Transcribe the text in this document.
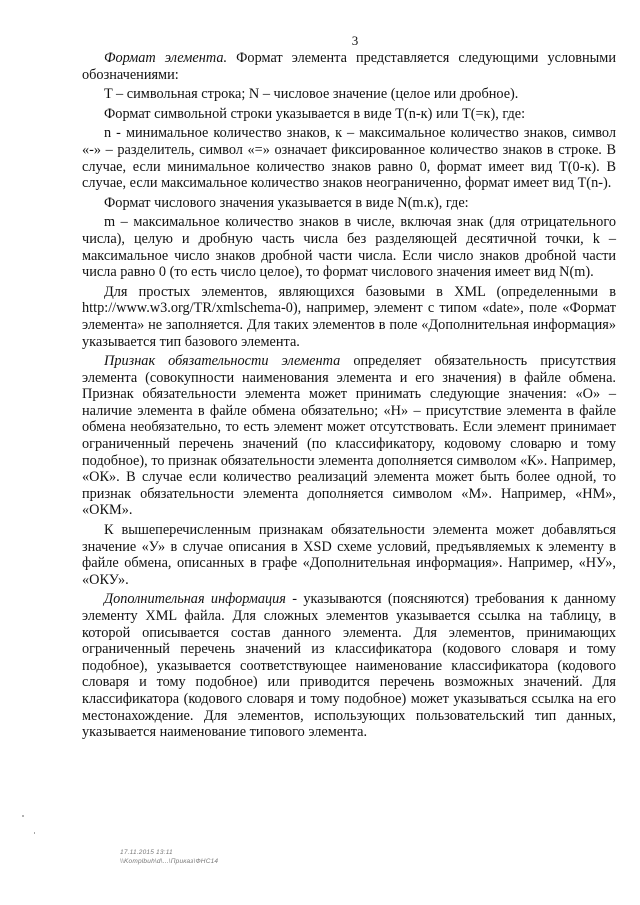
3

Формат элемента. Формат элемента представляется следующими условными обозначениями:

T – символьная строка; N – числовое значение (целое или дробное).

Формат символьной строки указывается в виде T(n-к) или T(=к), где:

n - минимальное количество знаков, к – максимальное количество знаков, символ «-» – разделитель, символ «=» означает фиксированное количество знаков в строке. В случае, если минимальное количество знаков равно 0, формат имеет вид T(0-к). В случае, если максимальное количество знаков неограниченно, формат имеет вид T(n-).

Формат числового значения указывается в виде N(m.к), где:

m – максимальное количество знаков в числе, включая знак (для отрицательного числа), целую и дробную часть числа без разделяющей десятичной точки, k – максимальное число знаков дробной части числа. Если число знаков дробной части числа равно 0 (то есть число целое), то формат числового значения имеет вид N(m).

Для простых элементов, являющихся базовыми в XML (определенными в http://www.w3.org/TR/xmlschema-0), например, элемент с типом «date», поле «Формат элемента» не заполняется. Для таких элементов в поле «Дополнительная информация» указывается тип базового элемента.

Признак обязательности элемента определяет обязательность присутствия элемента (совокупности наименования элемента и его значения) в файле обмена. Признак обязательности элемента может принимать следующие значения: «О» – наличие элемента в файле обмена обязательно; «Н» – присутствие элемента в файле обмена необязательно, то есть элемент может отсутствовать. Если элемент принимает ограниченный перечень значений (по классификатору, кодовому словарю и тому подобное), то признак обязательности элемента дополняется символом «К». Например, «ОК». В случае если количество реализаций элемента может быть более одной, то признак обязательности элемента дополняется символом «М». Например, «НМ», «ОКМ».

К вышеперечисленным признакам обязательности элемента может добавляться значение «У» в случае описания в XSD схеме условий, предъявляемых к элементу в файле обмена, описанных в графе «Дополнительная информация». Например, «НУ», «ОКУ».

Дополнительная информация - указываются (поясняются) требования к данному элементу XML файла. Для сложных элементов указывается ссылка на таблицу, в которой описывается состав данного элемента. Для элементов, принимающих ограниченный перечень значений из классификатора (кодового словаря и тому подобное), указывается соответствующее наименование классификатора (кодового словаря и тому подобное) или приводится перечень возможных значений. Для классификатора (кодового словаря и тому подобное) может указываться ссылка на его местонахождение. Для элементов, использующих пользовательский тип данных, указывается наименование типового элемента.

17.11.2015 13:11
\\Komplbuh\d\...\Приказ\ФНС14
